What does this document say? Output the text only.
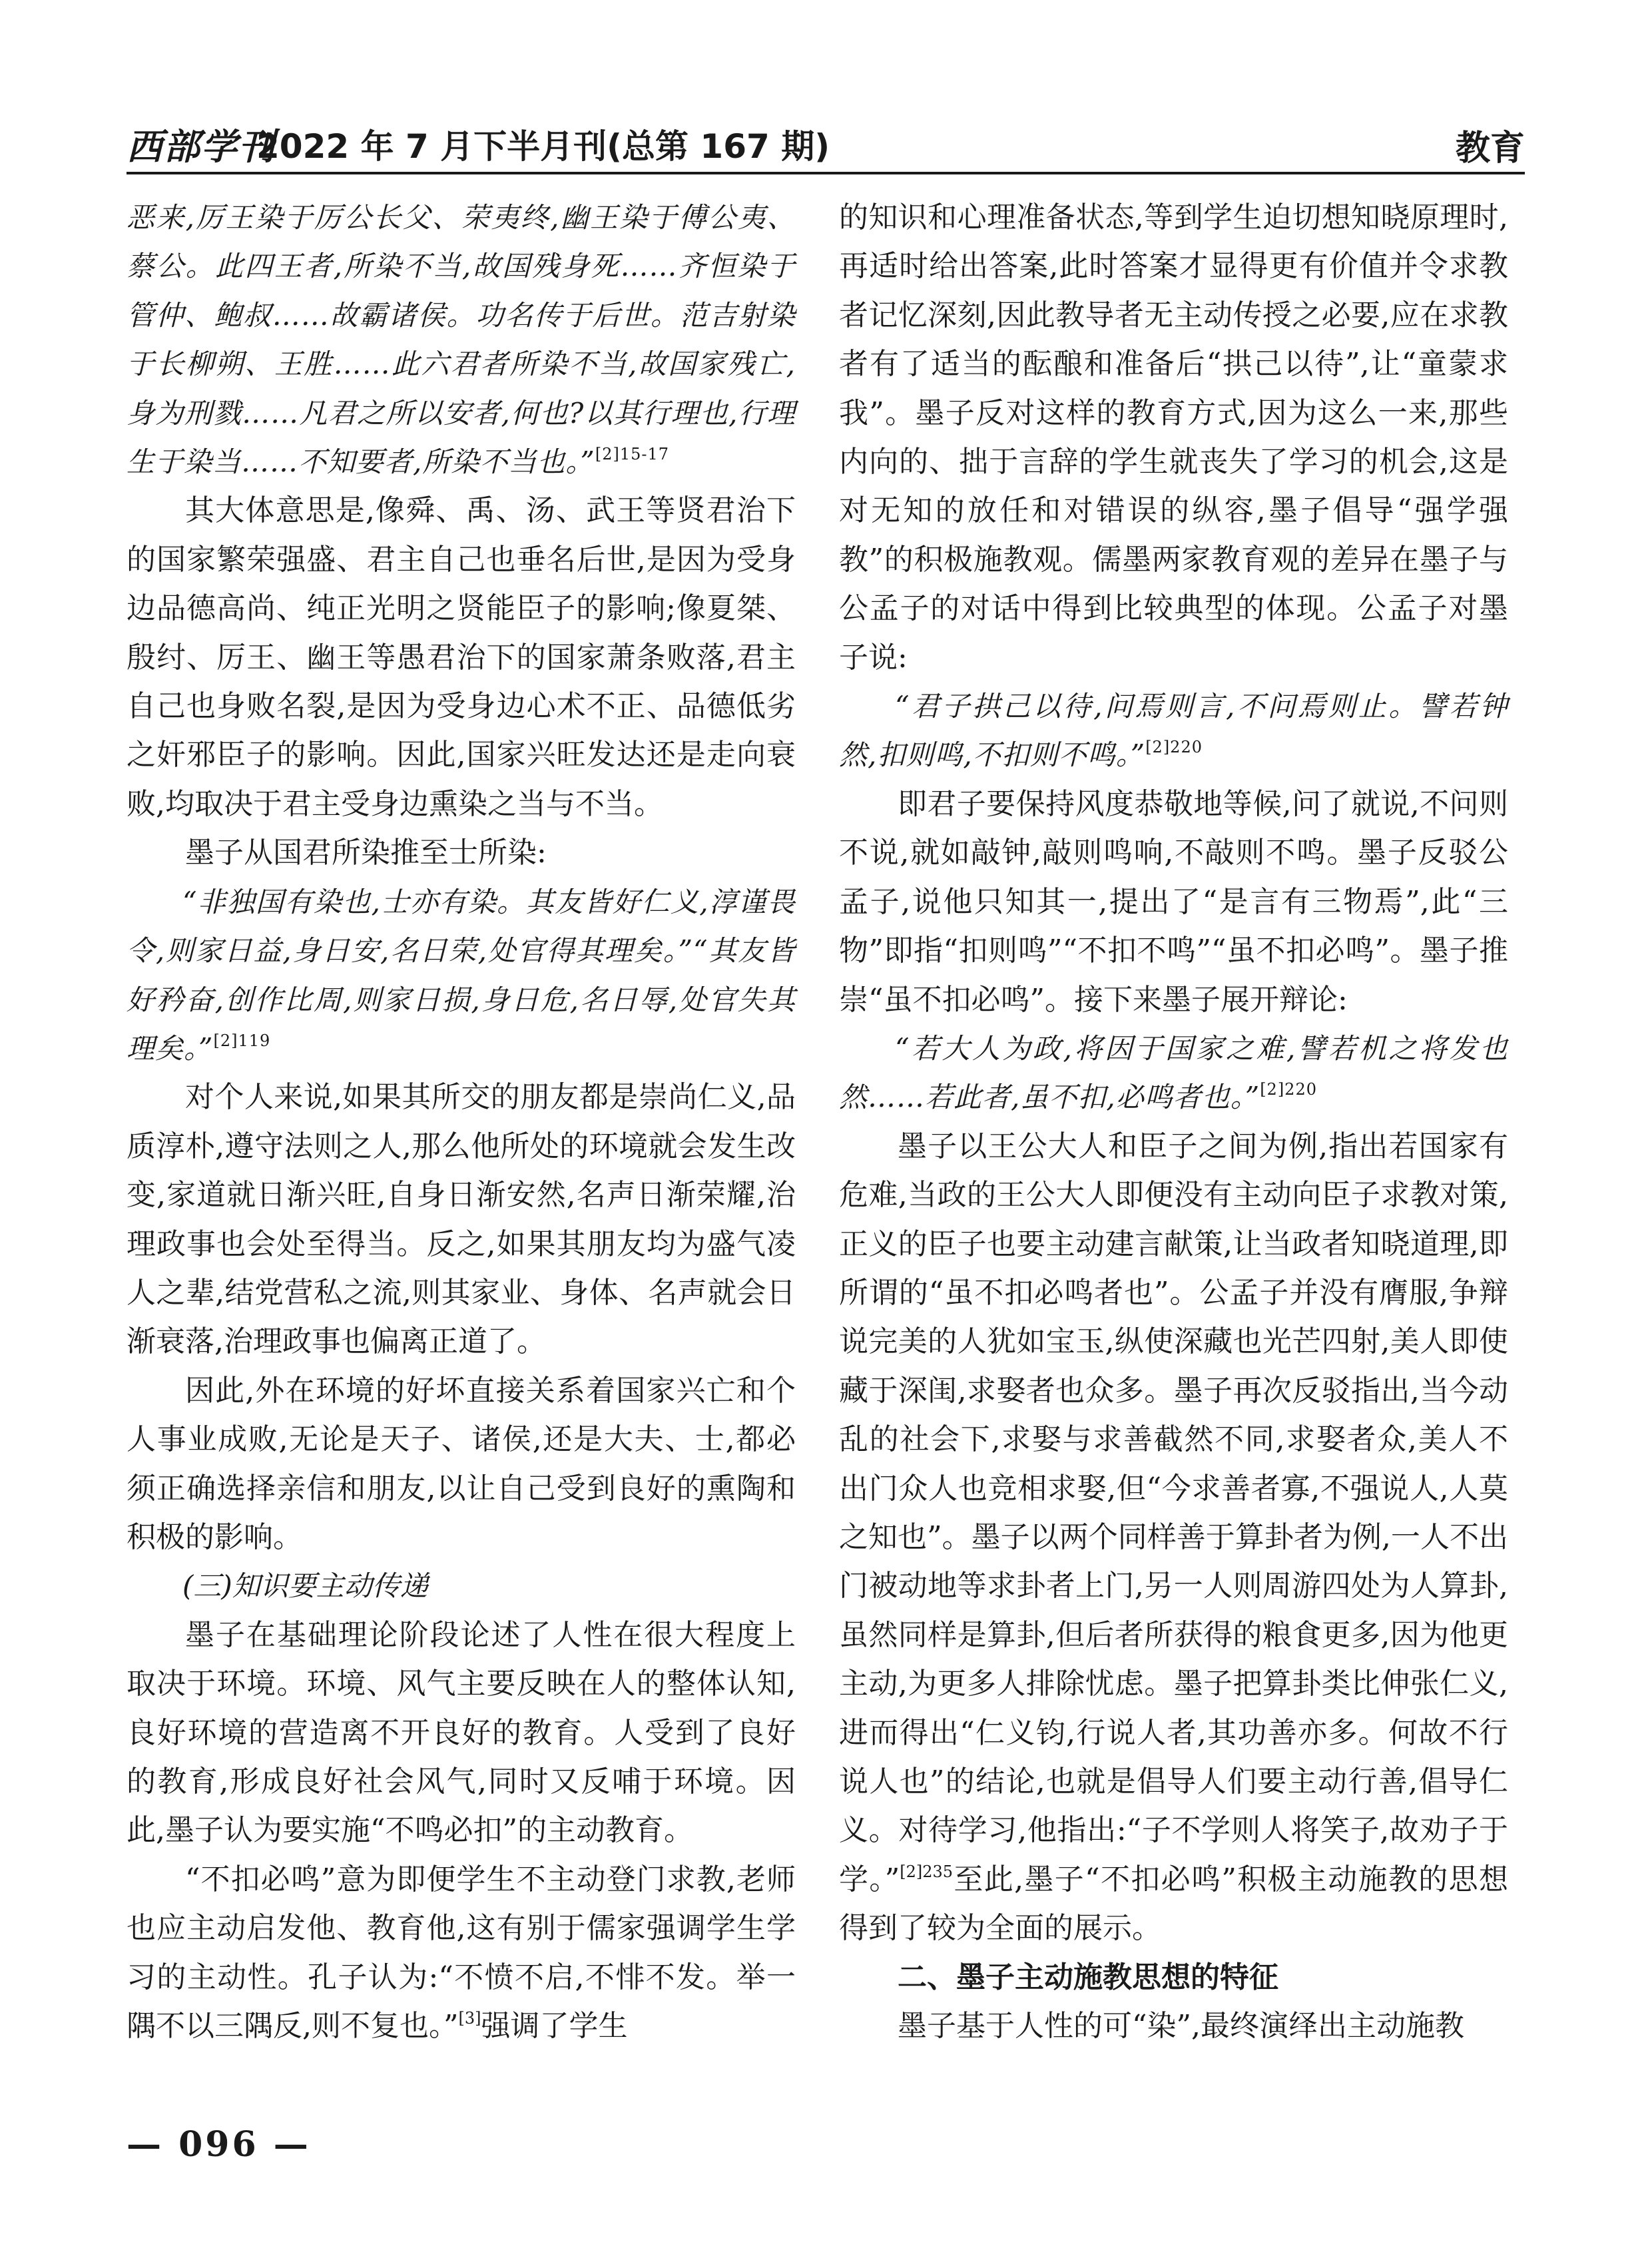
西部学刊
2022 年 7 月下半月刊(总第 167 期)	教育

恶来,厉王染于厉公长父、荣夷终,幽王染于傅公夷、蔡公。此四王者,所染不当,故国残身死……齐恒染于管仲、鲍叔……故霸诸侯。功名传于后世。范吉射染于长柳朔、王胜……此六君者所染不当,故国家残亡,身为刑戮……凡君之所以安者,何也?以其行理也,行理生于染当……不知要者,所染不当也。”$^{[2]15-17}$

其大体意思是,像舜、禹、汤、武王等贤君治下的国家繁荣强盛、君主自己也垂名后世,是因为受身边品德高尚、纯正光明之贤能臣子的影响;像夏桀、殷纣、厉王、幽王等愚君治下的国家萧条败落,君主自己也身败名裂,是因为受身边心术不正、品德低劣之奸邪臣子的影响。因此,国家兴旺发达还是走向衰败,均取决于君主受身边熏染之当与不当。

墨子从国君所染推至士所染:

“非独国有染也,士亦有染。其友皆好仁义,淳谨畏令,则家日益,身日安,名日荣,处官得其理矣。”“其友皆好矜奋,创作比周,则家日损,身日危,名日辱,处官失其理矣。”$^{[2]119}$

对个人来说,如果其所交的朋友都是崇尚仁义,品质淳朴,遵守法则之人,那么他所处的环境就会发生改变,家道就日渐兴旺,自身日渐安然,名声日渐荣耀,治理政事也会处至得当。反之,如果其朋友均为盛气凌人之辈,结党营私之流,则其家业、身体、名声就会日渐衰落,治理政事也偏离正道了。

因此,外在环境的好坏直接关系着国家兴亡和个人事业成败,无论是天子、诸侯,还是大夫、士,都必须正确选择亲信和朋友,以让自己受到良好的熏陶和积极的影响。

(三)知识要主动传递

墨子在基础理论阶段论述了人性在很大程度上取决于环境。环境、风气主要反映在人的整体认知,良好环境的营造离不开良好的教育。人受到了良好的教育,形成良好社会风气,同时又反哺于环境。因此,墨子认为要实施“不鸣必扣”的主动教育。

“不扣必鸣”意为即便学生不主动登门求教,老师也应主动启发他、教育他,这有别于儒家强调学生学习的主动性。孔子认为:“不愤不启,不悱不发。举一隅不以三隅反,则不复也。”[3]强调了学生

的知识和心理准备状态,等到学生迫切想知晓原理时,再适时给出答案,此时答案才显得更有价值并令求教者记忆深刻,因此教导者无主动传授之必要,应在求教者有了适当的酝酿和准备后“拱己以待”,让“童蒙求我”。墨子反对这样的教育方式,因为这么一来,那些内向的、拙于言辞的学生就丧失了学习的机会,这是对无知的放任和对错误的纵容,墨子倡导“强学强教”的积极施教观。儒墨两家教育观的差异在墨子与公孟子的对话中得到比较典型的体现。公孟子对墨子说:

“君子拱己以待,问焉则言,不问焉则止。譬若钟然,扣则鸣,不扣则不鸣。”$^{[2]220}$

即君子要保持风度恭敬地等候,问了就说,不问则不说,就如敲钟,敲则鸣响,不敲则不鸣。墨子反驳公孟子,说他只知其一,提出了“是言有三物焉”,此“三物”即指“扣则鸣”“不扣不鸣”“虽不扣必鸣”。墨子推崇“虽不扣必鸣”。接下来墨子展开辩论:

“若大人为政,将因于国家之难,譬若机之将发也然……若此者,虽不扣,必鸣者也。”$^{[2]220}$

墨子以王公大人和臣子之间为例,指出若国家有危难,当政的王公大人即便没有主动向臣子求教对策,正义的臣子也要主动建言献策,让当政者知晓道理,即所谓的“虽不扣必鸣者也”。公孟子并没有膺服,争辩说完美的人犹如宝玉,纵使深藏也光芒四射,美人即使藏于深闺,求娶者也众多。墨子再次反驳指出,当今动乱的社会下,求娶与求善截然不同,求娶者众,美人不出门众人也竞相求娶,但“今求善者寡,不强说人,人莫之知也”。墨子以两个同样善于算卦者为例,一人不出门被动地等求卦者上门,另一人则周游四处为人算卦,虽然同样是算卦,但后者所获得的粮食更多,因为他更主动,为更多人排除忧虑。墨子把算卦类比伸张仁义,进而得出“仁义钧,行说人者,其功善亦多。何故不行说人也”的结论,也就是倡导人们要主动行善,倡导仁义。对待学习,他指出:“子不学则人将笑子,故劝子于学。”$^{[2]235}$至此,墨子“不扣必鸣”积极主动施教的思想得到了较为全面的展示。

二、墨子主动施教思想的特征

墨子基于人性的可“染”,最终演绎出主动施教

— 096 —
